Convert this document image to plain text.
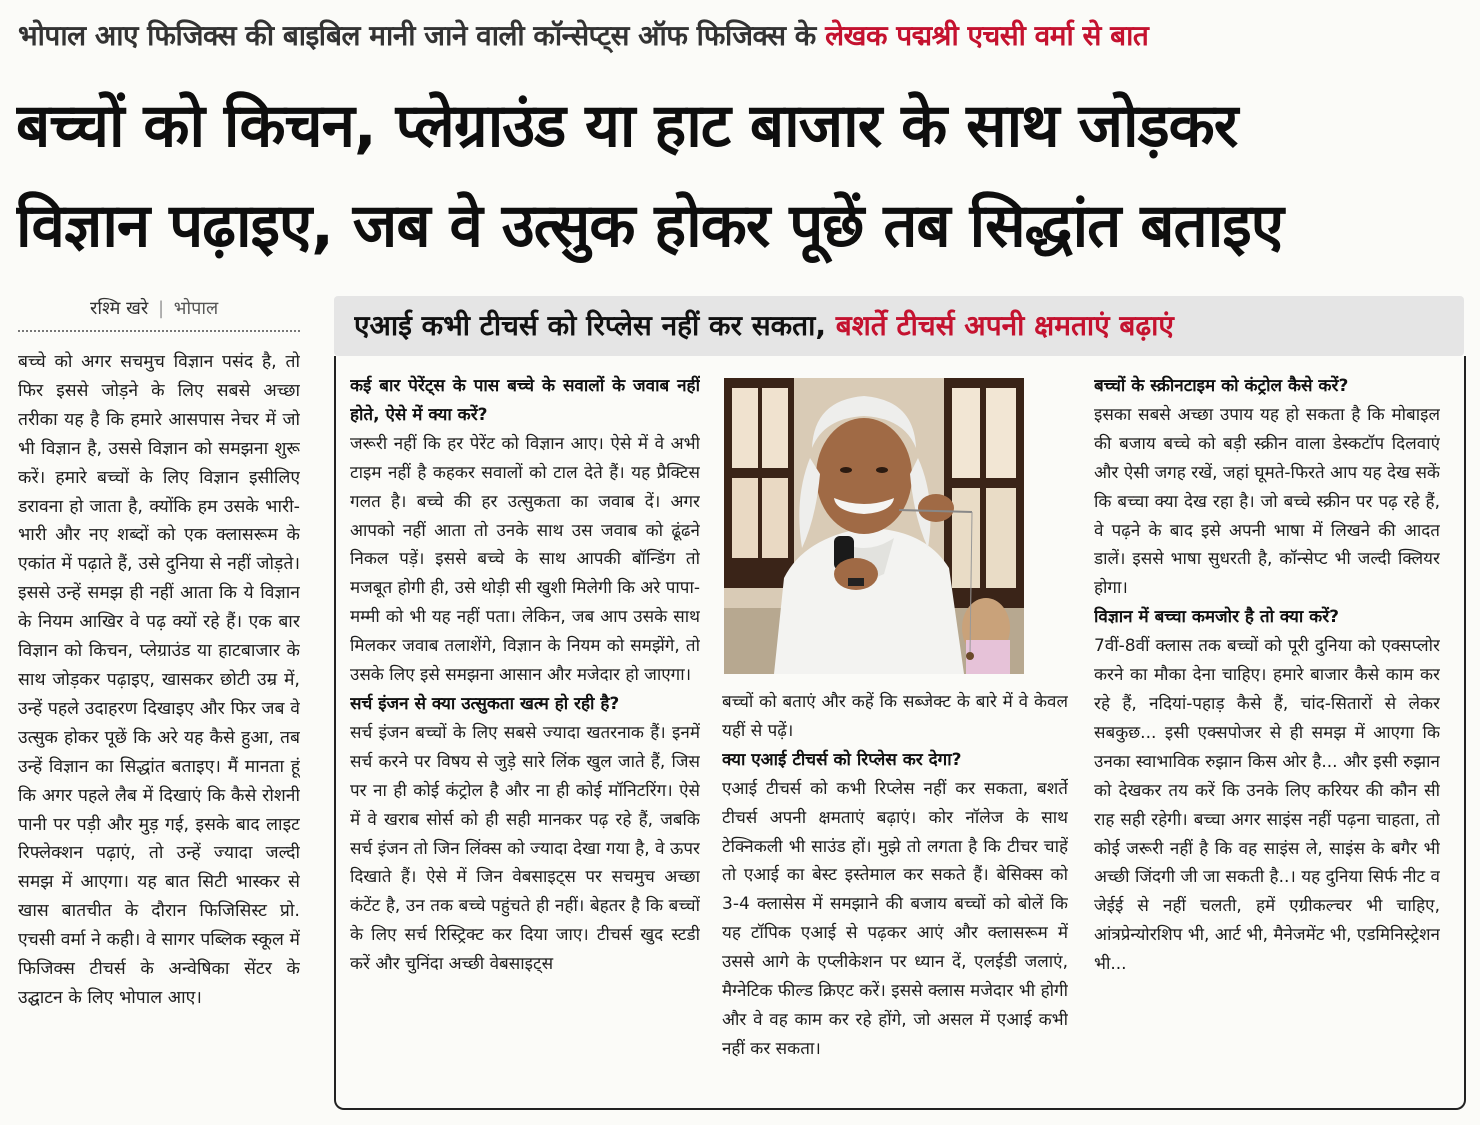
भोपाल आए फिजिक्स की बाइबिल मानी जाने वाली कॉन्सेप्ट्स ऑफ फिजिक्स के लेखक पद्मश्री एचसी वर्मा से बात
बच्चों को किचन, प्लेग्राउंड या हाट बाजार के साथ जोड़कर
विज्ञान पढ़ाइए, जब वे उत्सुक होकर पूछें तब सिद्धांत बताइए
रश्मि खरे | भोपाल

बच्चे को अगर सचमुच विज्ञान पसंद है, तो फिर इससे जोड़ने के लिए सबसे अच्छा तरीका यह है कि हमारे आसपास नेचर में जो भी विज्ञान है, उससे विज्ञान को समझना शुरू करें। हमारे बच्चों के लिए विज्ञान इसीलिए डरावना हो जाता है, क्योंकि हम उसके भारी-भारी और नए शब्दों को एक क्लासरूम के एकांत में पढ़ाते हैं, उसे दुनिया से नहीं जोड़ते। इससे उन्हें समझ ही नहीं आता कि ये विज्ञान के नियम आखिर वे पढ़ क्यों रहे हैं। एक बार विज्ञान को किचन, प्लेग्राउंड या हाटबाजार के साथ जोड़कर पढ़ाइए, खासकर छोटी उम्र में, उन्हें पहले उदाहरण दिखाइए और फिर जब वे उत्सुक होकर पूछें कि अरे यह कैसे हुआ, तब उन्हें विज्ञान का सिद्धांत बताइए। मैं मानता हूं कि अगर पहले लैब में दिखाएं कि कैसे रोशनी पानी पर पड़ी और मुड़ गई, इसके बाद लाइट रिफ्लेक्शन पढ़ाएं, तो उन्हें ज्यादा जल्दी समझ में आएगा। यह बात सिटी भास्कर से खास बातचीत के दौरान फिजिसिस्ट प्रो. एचसी वर्मा ने कही। वे सागर पब्लिक स्कूल में फिजिक्स टीचर्स के अन्वेषिका सेंटर के उद्घाटन के लिए भोपाल आए।

एआई कभी टीचर्स को रिप्लेस नहीं कर सकता, बशर्ते टीचर्स अपनी क्षमताएं बढ़ाएं

कई बार पेरेंट्स के पास बच्चे के सवालों के जवाब नहीं होते, ऐसे में क्या करें?

जरूरी नहीं कि हर पेरेंट को विज्ञान आए। ऐसे में वे अभी टाइम नहीं है कहकर सवालों को टाल देते हैं। यह प्रैक्टिस गलत है। बच्चे की हर उत्सुकता का जवाब दें। अगर आपको नहीं आता तो उनके साथ उस जवाब को ढूंढने निकल पड़ें। इससे बच्चे के साथ आपकी बॉन्डिंग तो मजबूत होगी ही, उसे थोड़ी सी खुशी मिलेगी कि अरे पापा-मम्मी को भी यह नहीं पता। लेकिन, जब आप उसके साथ मिलकर जवाब तलाशेंगे, विज्ञान के नियम को समझेंगे, तो उसके लिए इसे समझना आसान और मजेदार हो जाएगा।

सर्च इंजन से क्या उत्सुकता खत्म हो रही है?

सर्च इंजन बच्चों के लिए सबसे ज्यादा खतरनाक हैं। इनमें सर्च करने पर विषय से जुड़े सारे लिंक खुल जाते हैं, जिस पर ना ही कोई कंट्रोल है और ना ही कोई मॉनिटरिंग। ऐसे में वे खराब सोर्स को ही सही मानकर पढ़ रहे हैं, जबकि सर्च इंजन तो जिन लिंक्स को ज्यादा देखा गया है, वे ऊपर दिखाते हैं। ऐसे में जिन वेबसाइट्स पर सचमुच अच्छा कंटेंट है, उन तक बच्चे पहुंचते ही नहीं। बेहतर है कि बच्चों के लिए सर्च रिस्ट्रिक्ट कर दिया जाए। टीचर्स खुद स्टडी करें और चुनिंदा अच्छी वेबसाइट्स

बच्चों को बताएं और कहें कि सब्जेक्ट के बारे में वे केवल यहीं से पढ़ें।

क्या एआई टीचर्स को रिप्लेस कर देगा?

एआई टीचर्स को कभी रिप्लेस नहीं कर सकता, बशर्ते टीचर्स अपनी क्षमताएं बढ़ाएं। कोर नॉलेज के साथ टेक्निकली भी साउंड हों। मुझे तो लगता है कि टीचर चाहें तो एआई का बेस्ट इस्तेमाल कर सकते हैं। बेसिक्स को 3-4 क्लासेस में समझाने की बजाय बच्चों को बोलें कि यह टॉपिक एआई से पढ़कर आएं और क्लासरूम में उससे आगे के एप्लीकेशन पर ध्यान दें, एलईडी जलाएं, मैग्नेटिक फील्ड क्रिएट करें। इससे क्लास मजेदार भी होगी और वे वह काम कर रहे होंगे, जो असल में एआई कभी नहीं कर सकता।

बच्चों के स्क्रीनटाइम को कंट्रोल कैसे करें?

इसका सबसे अच्छा उपाय यह हो सकता है कि मोबाइल की बजाय बच्चे को बड़ी स्क्रीन वाला डेस्कटॉप दिलवाएं और ऐसी जगह रखें, जहां घूमते-फिरते आप यह देख सकें कि बच्चा क्या देख रहा है। जो बच्चे स्क्रीन पर पढ़ रहे हैं, वे पढ़ने के बाद इसे अपनी भाषा में लिखने की आदत डालें। इससे भाषा सुधरती है, कॉन्सेप्ट भी जल्दी क्लियर होगा।

विज्ञान में बच्चा कमजोर है तो क्या करें?

7वीं-8वीं क्लास तक बच्चों को पूरी दुनिया को एक्सप्लोर करने का मौका देना चाहिए। हमारे बाजार कैसे काम कर रहे हैं, नदियां-पहाड़ कैसे हैं, चांद-सितारों से लेकर सबकुछ... इसी एक्सपोजर से ही समझ में आएगा कि उनका स्वाभाविक रुझान किस ओर है... और इसी रुझान को देखकर तय करें कि उनके लिए करियर की कौन सी राह सही रहेगी। बच्चा अगर साइंस नहीं पढ़ना चाहता, तो कोई जरूरी नहीं है कि वह साइंस ले, साइंस के बगैर भी अच्छी जिंदगी जी जा सकती है..। यह दुनिया सिर्फ नीट व जेईई से नहीं चलती, हमें एग्रीकल्चर भी चाहिए, आंत्रप्रेन्योरशिप भी, आर्ट भी, मैनेजमेंट भी, एडमिनिस्ट्रेशन भी...
